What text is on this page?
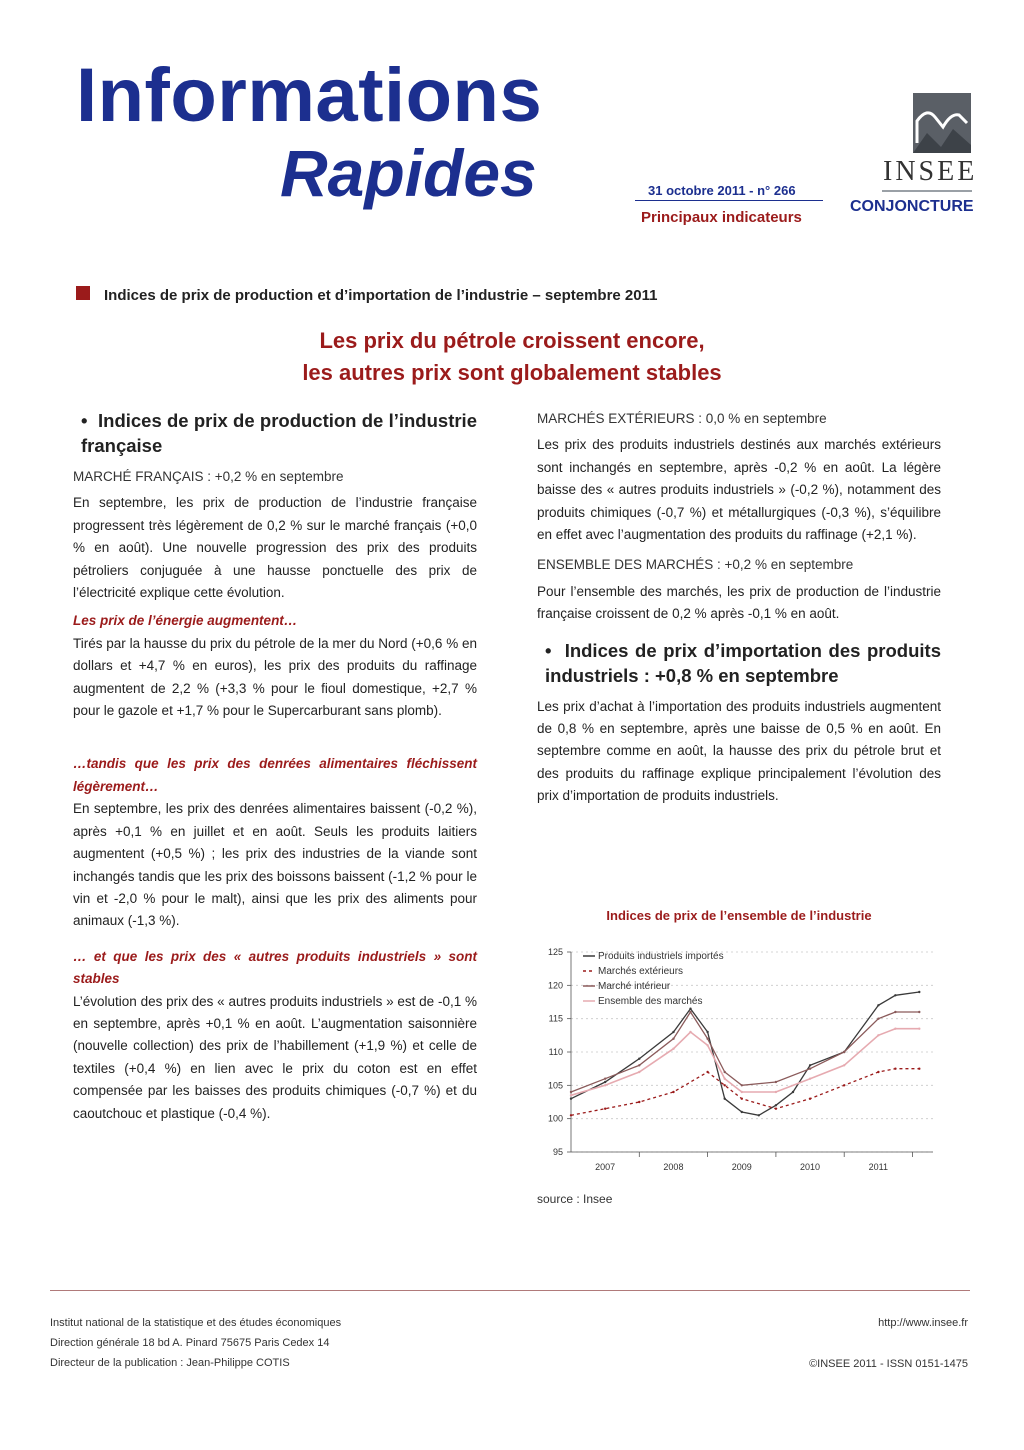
Informations
Rapides	31 octobre 2011 - n° 266
Principaux indicateurs
INSEE
CONJONCTURE
Indices de prix de production et d’importation de l’industrie – septembre 2011
Les prix du pétrole croissent encore,
les autres prix sont globalement stables
•  Indices de prix de production de l’industrie française

MARCHÉ FRANÇAIS : +0,2 % en septembre

En septembre, les prix de production de l’industrie française progressent très légèrement de 0,2 % sur le marché français (+0,0 % en août). Une nouvelle progression des prix des produits pétroliers conjuguée à une hausse ponctuelle des prix de l’électricité explique cette évolution.

Les prix de l’énergie augmentent…

Tirés par la hausse du prix du pétrole de la mer du Nord (+0,6 % en dollars et +4,7 % en euros), les prix des produits du raffinage augmentent de 2,2 % (+3,3 % pour le fioul domestique, +2,7 % pour le gazole et +1,7 % pour le Supercarburant sans plomb).

…tandis que les prix des denrées alimentaires fléchissent légèrement…

En septembre, les prix des denrées alimentaires baissent (-0,2 %), après +0,1 % en juillet et en août. Seuls les produits laitiers augmentent (+0,5 %) ; les prix des industries de la viande sont inchangés tandis que les prix des boissons baissent (-1,2 % pour le vin et -2,0 % pour le malt), ainsi que les prix des aliments pour animaux (-1,3 %).

… et que les prix des « autres produits industriels » sont stables

L’évolution des prix des « autres produits industriels » est de -0,1 % en septembre, après +0,1 % en août. L’augmentation saisonnière (nouvelle collection) des prix de l’habillement (+1,9 %) et celle de textiles (+0,4 %) en lien avec le prix du coton est en effet compensée par les baisses des produits chimiques (-0,7 %) et du caoutchouc et plastique (-0,4 %).

MARCHÉS EXTÉRIEURS : 0,0 % en septembre

Les prix des produits industriels destinés aux marchés extérieurs sont inchangés en septembre, après -0,2 % en août. La légère baisse des « autres produits industriels » (-0,2 %), notamment des produits chimiques (-0,7 %) et métallurgiques (-0,3 %), s’équilibre en effet avec l’augmentation des produits du raffinage (+2,1 %).

ENSEMBLE DES MARCHÉS : +0,2 % en septembre

Pour l’ensemble des marchés, les prix de production de l’industrie française croissent de 0,2 % après -0,1 % en août.

•  Indices de prix d’importation des produits industriels : +0,8 % en septembre

Les prix d’achat à l’importation des produits industriels augmentent de 0,8 % en septembre, après une baisse de 0,5 % en août. En septembre comme en août, la hausse des prix du pétrole brut et des produits du raffinage explique principalement l’évolution des prix d’importation de produits industriels.

Indices de prix de l’ensemble de l’industrie
95
100
105
110
115
120
125
2007	2008	2009	2010	2011
Produits industriels importés
Marchés extérieurs
Marché intérieur
Ensemble des marchés
source : Insee
Institut national de la statistique et des études économiques
Direction générale 18 bd A. Pinard 75675 Paris Cedex 14
Directeur de la publication : Jean-Philippe COTIS
http://www.insee.fr
©INSEE 2011 - ISSN 0151-1475
